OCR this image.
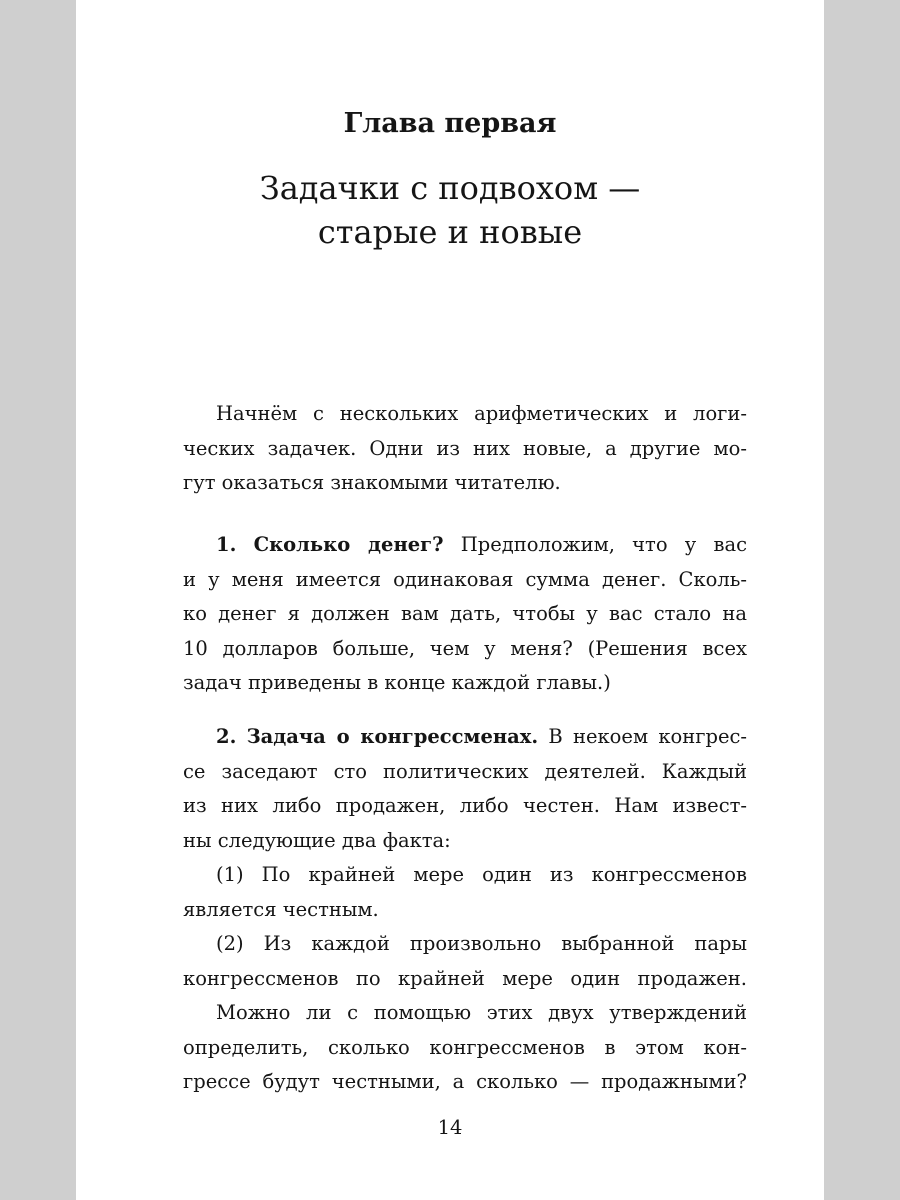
Глава первая
Задачки с подвохом —
старые и новые
Начнём с нескольких арифметических и логи-
ческих задачек. Одни из них новые, а другие мо-
гут оказаться знакомыми читателю.
1. Сколько денег? Предположим, что у вас
и у меня имеется одинаковая сумма денег. Сколь-
ко денег я должен вам дать, чтобы у вас стало на
10 долларов больше, чем у меня? (Решения всех
задач приведены в конце каждой главы.)
2. Задача о конгрессменах. В некоем конгрес-
се заседают сто политических деятелей. Каждый
из них либо продажен, либо честен. Нам извест-
ны следующие два факта:
(1) По крайней мере один из конгрессменов
является честным.
(2) Из каждой произвольно выбранной пары
конгрессменов по крайней мере один продажен.
Можно ли с помощью этих двух утверждений
определить, сколько конгрессменов в этом кон-
грессе будут честными, а сколько — продажными?
14
